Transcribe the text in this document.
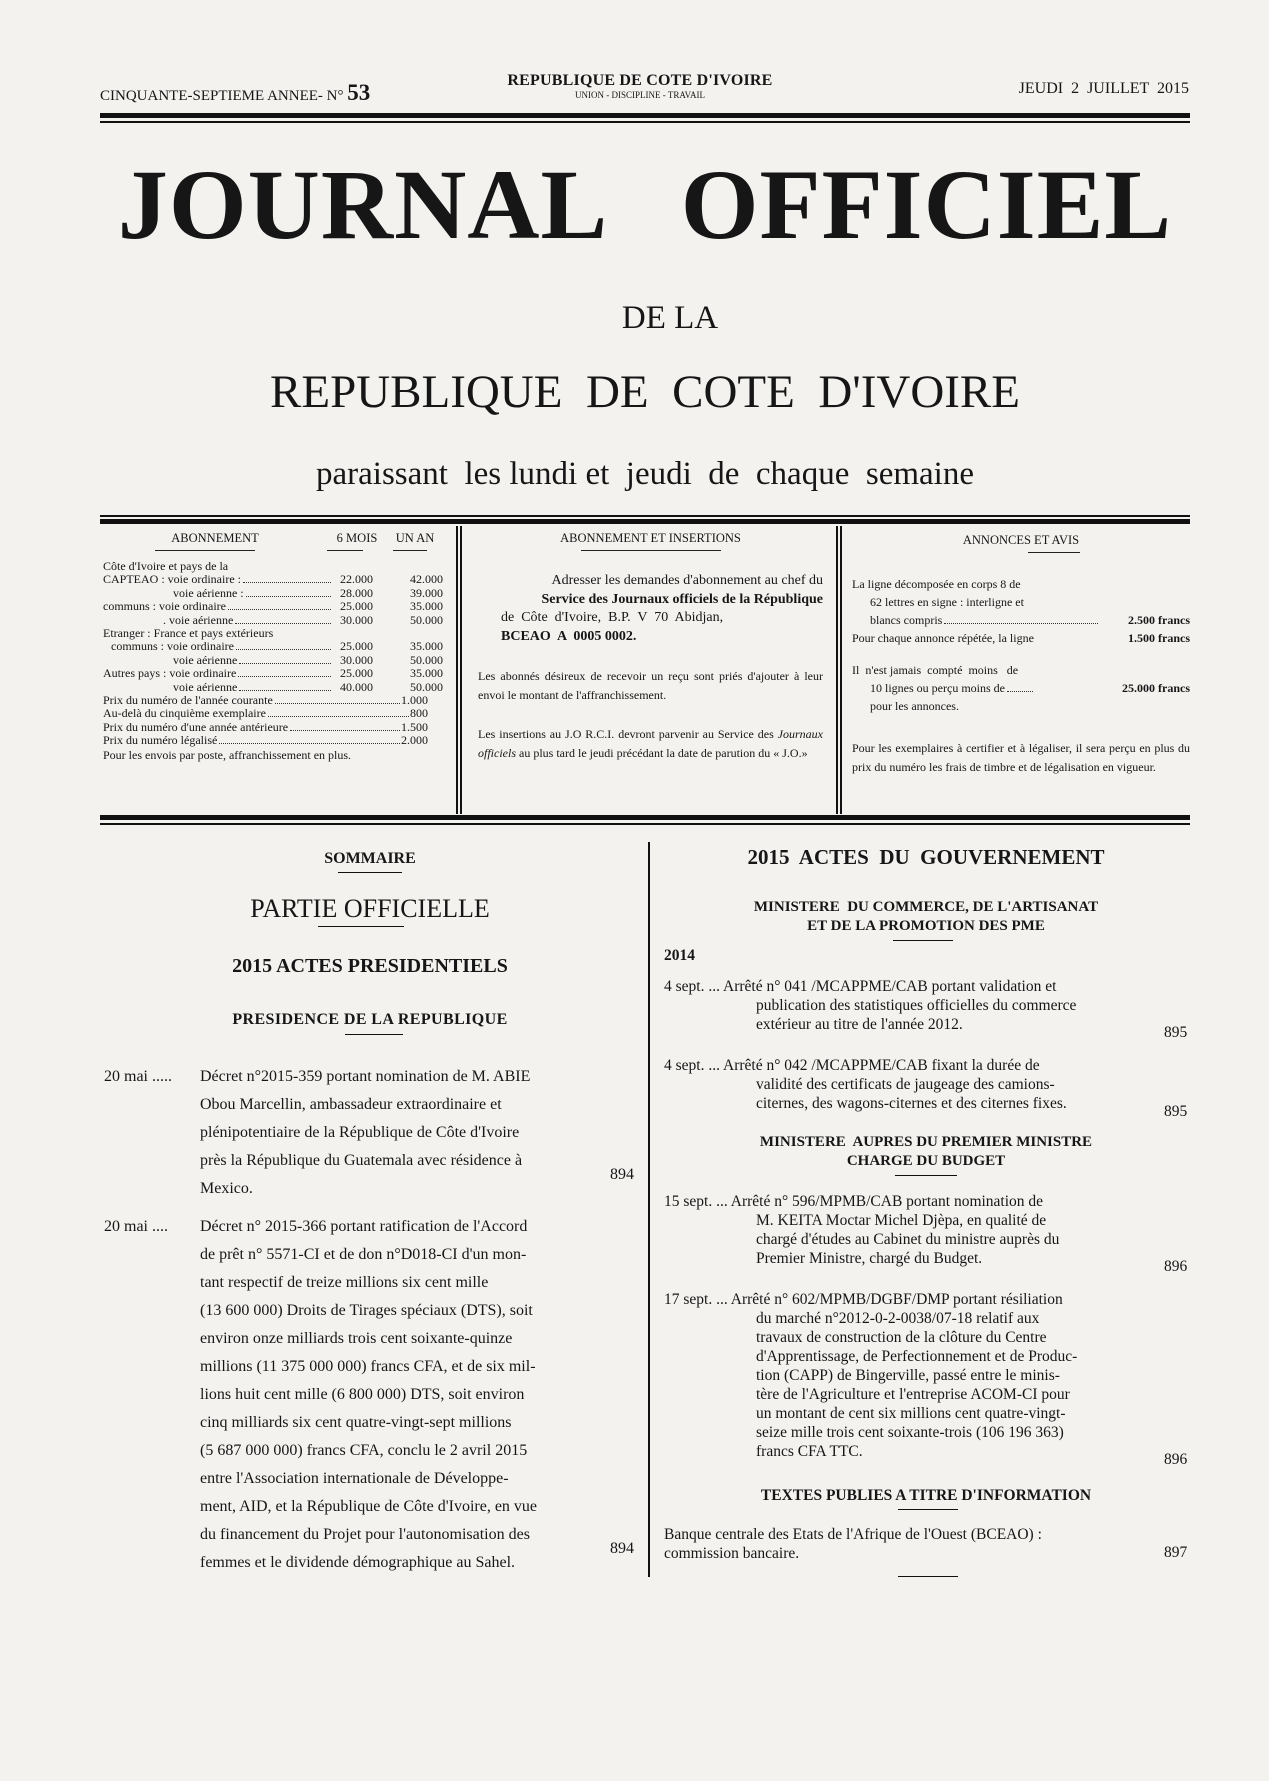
CINQUANTE-SEPTIEME ANNEE- N° 53	REPUBLIQUE DE COTE D'IVOIRE
UNION - DISCIPLINE - TRAVAIL	JEUDI  2  JUILLET  2015
JOURNAL   OFFICIEL
DE LA
REPUBLIQUE  DE  COTE  D'IVOIRE
paraissant  les lundi et  jeudi  de  chaque  semaine
ABONNEMENT	6 MOIS	UN AN
Côte d'Ivoire et pays de la
CAPTEAO : voie ordinaire :	22.000	42.000
voie aérienne :	28.000	39.000
communs : voie ordinaire	25.000	35.000
. voie aérienne	30.000	50.000
Etranger : France et pays extérieurs
communs : voie ordinaire	25.000	35.000
voie aérienne	30.000	50.000
Autres pays : voie ordinaire	25.000	35.000
voie aérienne	40.000	50.000
Prix du numéro de l'année courante	1.000
Au-delà du cinquième exemplaire	800
Prix du numéro d'une année antérieure	1.500
Prix du numéro légalisé	2.000
Pour les envois par poste, affranchissement en plus.
ABONNEMENT ET INSERTIONS
Adresser les demandes d'abonnement au chef du
Service des Journaux officiels de la République
de  Côte  d'Ivoire,  B.P.  V  70  Abidjan,
BCEAO  A  0005 0002.
Les abonnés désireux de recevoir un reçu sont priés d'ajouter à leur envoi le montant de l'affranchissement.
Les insertions au J.O R.C.I. devront parvenir au Service des Journaux officiels au plus tard le jeudi précédant la date de parution du « J.O.»
ANNONCES ET AVIS
La ligne décomposée en corps 8 de
62 lettres en signe : interligne et
blancs compris	2.500 francs
Pour chaque annonce répétée, la ligne	1.500 francs
Il  n'est jamais  compté  moins   de
10 lignes ou perçu moins de	25.000 francs
pour les annonces.
Pour les exemplaires à certifier et à légaliser, il sera perçu en plus du prix du numéro les frais de timbre et de légalisation en vigueur.
SOMMAIRE
PARTIE OFFICIELLE
2015 ACTES PRESIDENTIELS
PRESIDENCE DE LA REPUBLIQUE
20 mai ..... Décret n°2015-359 portant nomination de M. ABIE
Obou Marcellin, ambassadeur extraordinaire et
plénipotentiaire de la République de Côte d'Ivoire
près la République du Guatemala avec résidence à
Mexico.
894
20 mai .... Décret n° 2015-366 portant ratification de l'Accord
de prêt n° 5571-CI et de don n°D018-CI d'un mon-
tant respectif de treize millions six cent mille
(13 600 000) Droits de Tirages spéciaux (DTS), soit
environ onze milliards trois cent soixante-quinze
millions (11 375 000 000) francs CFA, et de six mil-
lions huit cent mille (6 800 000) DTS, soit environ
cinq milliards six cent quatre-vingt-sept millions
(5 687 000 000) francs CFA, conclu le 2 avril 2015
entre l'Association internationale de Développe-
ment, AID, et la République de Côte d'Ivoire, en vue
du financement du Projet pour l'autonomisation des
femmes et le dividende démographique au Sahel.
894
2015  ACTES  DU  GOUVERNEMENT
MINISTERE  DU COMMERCE, DE L'ARTISANAT
ET DE LA PROMOTION DES PME
2014
4 sept. ... Arrêté n° 041 /MCAPPME/CAB portant validation et
publication des statistiques officielles du commerce
extérieur au titre de l'année 2012.	895
4 sept. ... Arrêté n° 042 /MCAPPME/CAB fixant la durée de
validité des certificats de jaugeage des camions-
citernes, des wagons-citernes et des citernes fixes.	895
MINISTERE  AUPRES DU PREMIER MINISTRE
CHARGE DU BUDGET
15 sept. ... Arrêté n° 596/MPMB/CAB portant nomination de
M. KEITA Moctar Michel Djèpa, en qualité de
chargé d'études au Cabinet du ministre auprès du
Premier Ministre, chargé du Budget.	896
17 sept. ... Arrêté n° 602/MPMB/DGBF/DMP portant résiliation
du marché n°2012-0-2-0038/07-18 relatif aux
travaux de construction de la clôture du Centre
d'Apprentissage, de Perfectionnement et de Produc-
tion (CAPP) de Bingerville, passé entre le minis-
tère de l'Agriculture et l'entreprise ACOM-CI pour
un montant de cent six millions cent quatre-vingt-
seize mille trois cent soixante-trois (106 196 363)
francs CFA TTC.	896
TEXTES PUBLIES A TITRE D'INFORMATION
Banque centrale des Etats de l'Afrique de l'Ouest (BCEAO) :
commission bancaire.	897
